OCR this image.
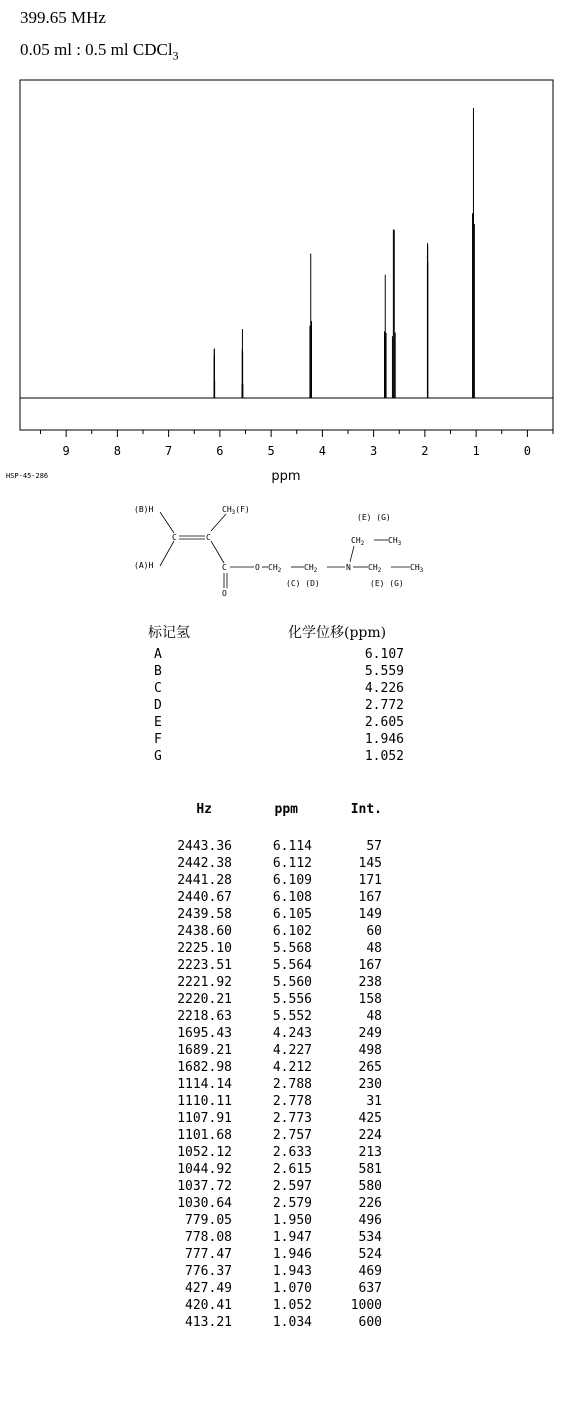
399.65 MHz
0.05 ml : 0.5 ml CDCl$_3$
9	8	7	6	5	4	3	2	1	0
ppm
HSP-45-286
(B)H
(A)H
$CH_3(F)$
C	C
C
O
O $CH_2$	$CH_2$	N
(E) (G)
$CH_2$	$CH_3$
$CH_2$	$CH_3$
(C) (D)	(E) (G)
标记氢	化学位移(ppm)
A	6.107
B	5.559
C	4.226
D	2.772
E	2.605
F	1.946
G	1.052
Hz	ppm	Int.
2443.36	6.114	57
2442.38	6.112	145
2441.28	6.109	171
2440.67	6.108	167
2439.58	6.105	149
2438.60	6.102	60
2225.10	5.568	48
2223.51	5.564	167
2221.92	5.560	238
2220.21	5.556	158
2218.63	5.552	48
1695.43	4.243	249
1689.21	4.227	498
1682.98	4.212	265
1114.14	2.788	230
1110.11	2.778	31
1107.91	2.773	425
1101.68	2.757	224
1052.12	2.633	213
1044.92	2.615	581
1037.72	2.597	580
1030.64	2.579	226
779.05	1.950	496
778.08	1.947	534
777.47	1.946	524
776.37	1.943	469
427.49	1.070	637
420.41	1.052	1000
413.21	1.034	600
